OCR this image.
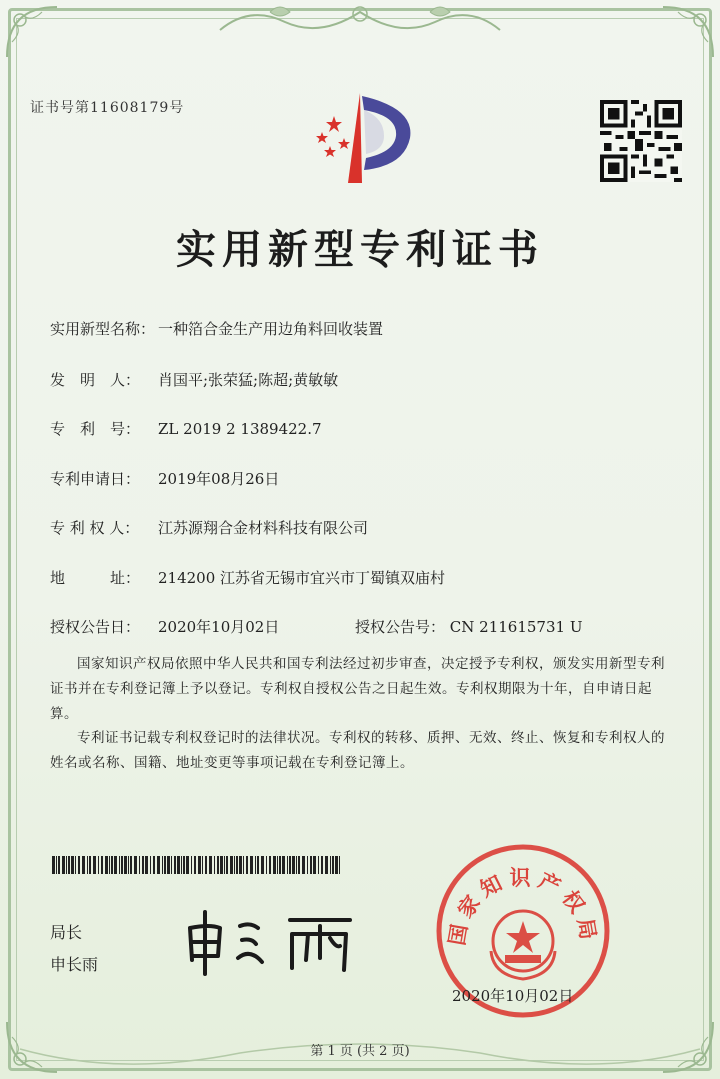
证书号第11608179号
实用新型专利证书
实用新型名称： 一种箔合金生产用边角料回收装置
发　明　人： 肖国平;张荣猛;陈超;黄敏敏
专　利　号： ZL 2019 2 1389422.7
专利申请日： 2019年08月26日
专 利 权 人： 江苏源翔合金材料科技有限公司
地　　　址： 214200 江苏省无锡市宜兴市丁蜀镇双庙村
授权公告日： 2020年10月02日	授权公告号： CN 211615731 U
国家知识产权局依照中华人民共和国专利法经过初步审查，决定授予专利权，颁发实用新型专利证书并在专利登记簿上予以登记。专利权自授权公告之日起生效。专利权期限为十年，自申请日起算。
专利证书记载专利权登记时的法律状况。专利权的转移、质押、无效、终止、恢复和专利权人的姓名或名称、国籍、地址变更等事项记载在专利登记簿上。
局长
申长雨
国家知识产权局
2020年10月02日
第 1 页 (共 2 页)
